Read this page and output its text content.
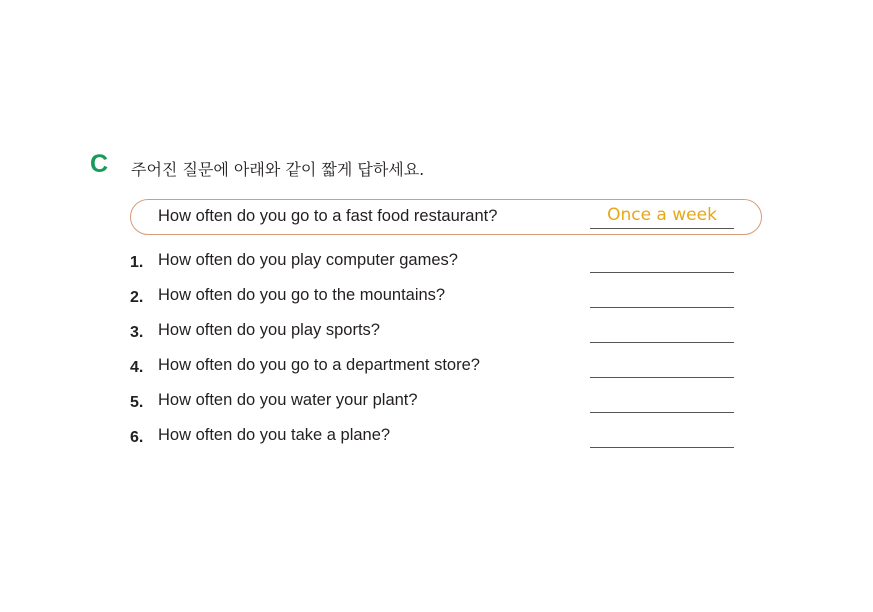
C 주어진 질문에 아래와 같이 짧게 답하세요.
How often do you go to a fast food restaurant?	Once a week
1. How often do you play computer games?
2. How often do you go to the mountains?
3. How often do you play sports?
4. How often do you go to a department store?
5. How often do you water your plant?
6. How often do you take a plane?
